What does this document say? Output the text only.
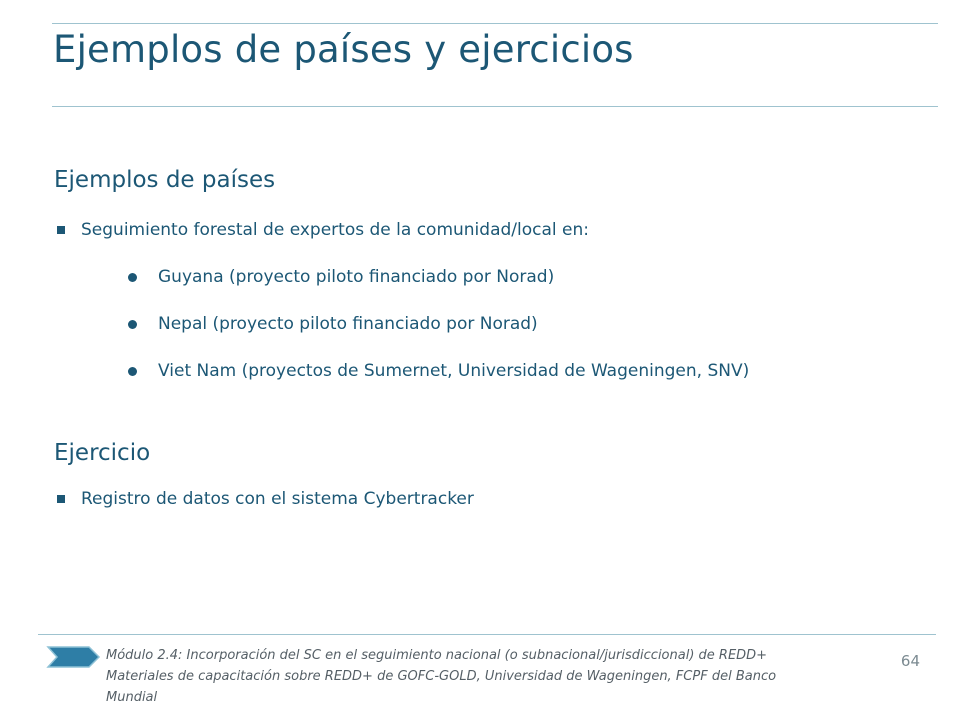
Ejemplos de países y ejercicios
Ejemplos de países
Seguimiento forestal de expertos de la comunidad/local en:
Guyana (proyecto piloto financiado por Norad)
Nepal (proyecto piloto financiado por Norad)
Viet Nam (proyectos de Sumernet, Universidad de Wageningen, SNV)
Ejercicio
Registro de datos con el sistema Cybertracker
Módulo 2.4: Incorporación del SC en el seguimiento nacional (o subnacional/jurisdiccional) de REDD+
Materiales de capacitación sobre REDD+ de GOFC-GOLD, Universidad de Wageningen, FCPF del Banco
Mundial
64
